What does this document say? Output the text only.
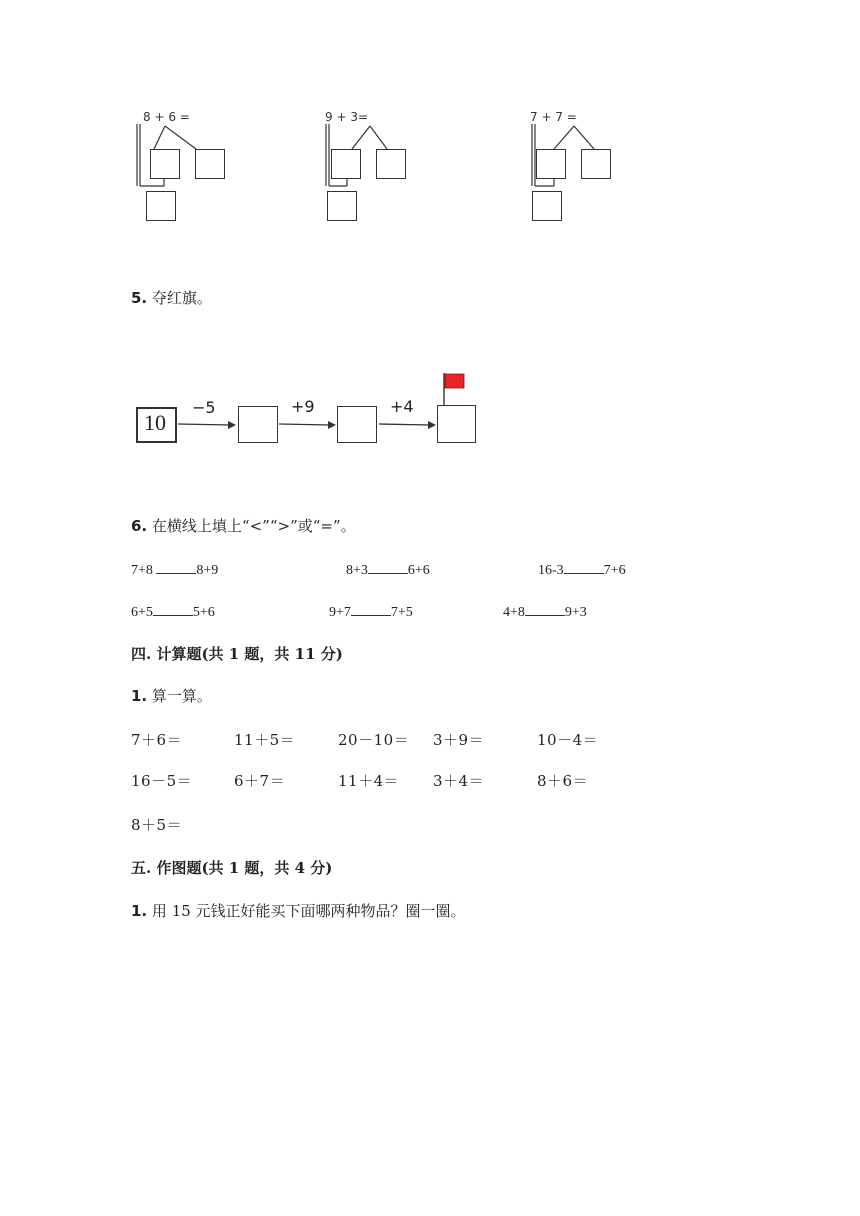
8 + 6 =	9 + 3=	7 + 7 =
5. 夺红旗。
10
−5	+9	+4
6. 在横线上填上“<”“>”或“=”。
7+8	8+9	8+3	6+6	16-3	7+6
6+5	5+6	9+7	7+5	4+8	9+3
四. 计算题(共 1 题，共 11 分)
1. 算一算。
7＋6＝	11＋5＝	20－10＝ 3＋9＝	10－4＝
16－5＝	6＋7＝	11＋4＝ 3＋4＝	8＋6＝
8＋5＝
五. 作图题(共 1 题，共 4 分)
1. 用 15 元钱正好能买下面哪两种物品？圈一圈。
